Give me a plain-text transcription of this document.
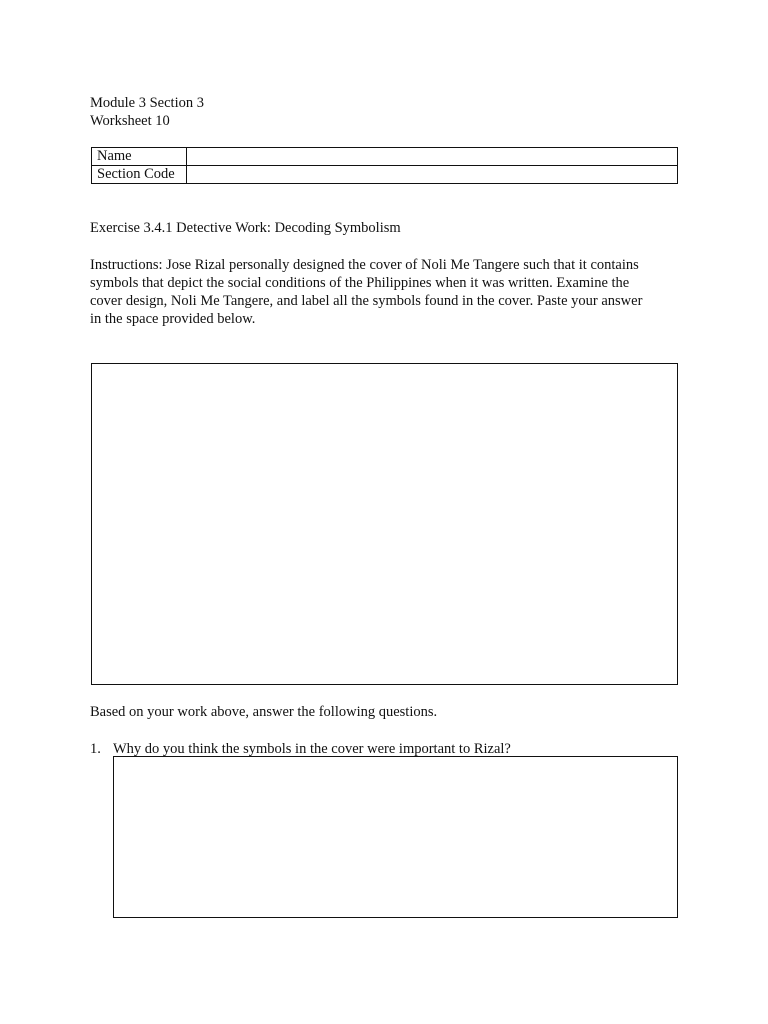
Module 3 Section 3
Worksheet 10
Name	
Section Code	
Exercise 3.4.1 Detective Work: Decoding Symbolism
Instructions: Jose Rizal personally designed the cover of Noli Me Tangere such that it contains
symbols that depict the social conditions of the Philippines when it was written. Examine the
cover design, Noli Me Tangere, and label all the symbols found in the cover. Paste your answer
in the space provided below.
Based on your work above, answer the following questions.
1. Why do you think the symbols in the cover were important to Rizal?
